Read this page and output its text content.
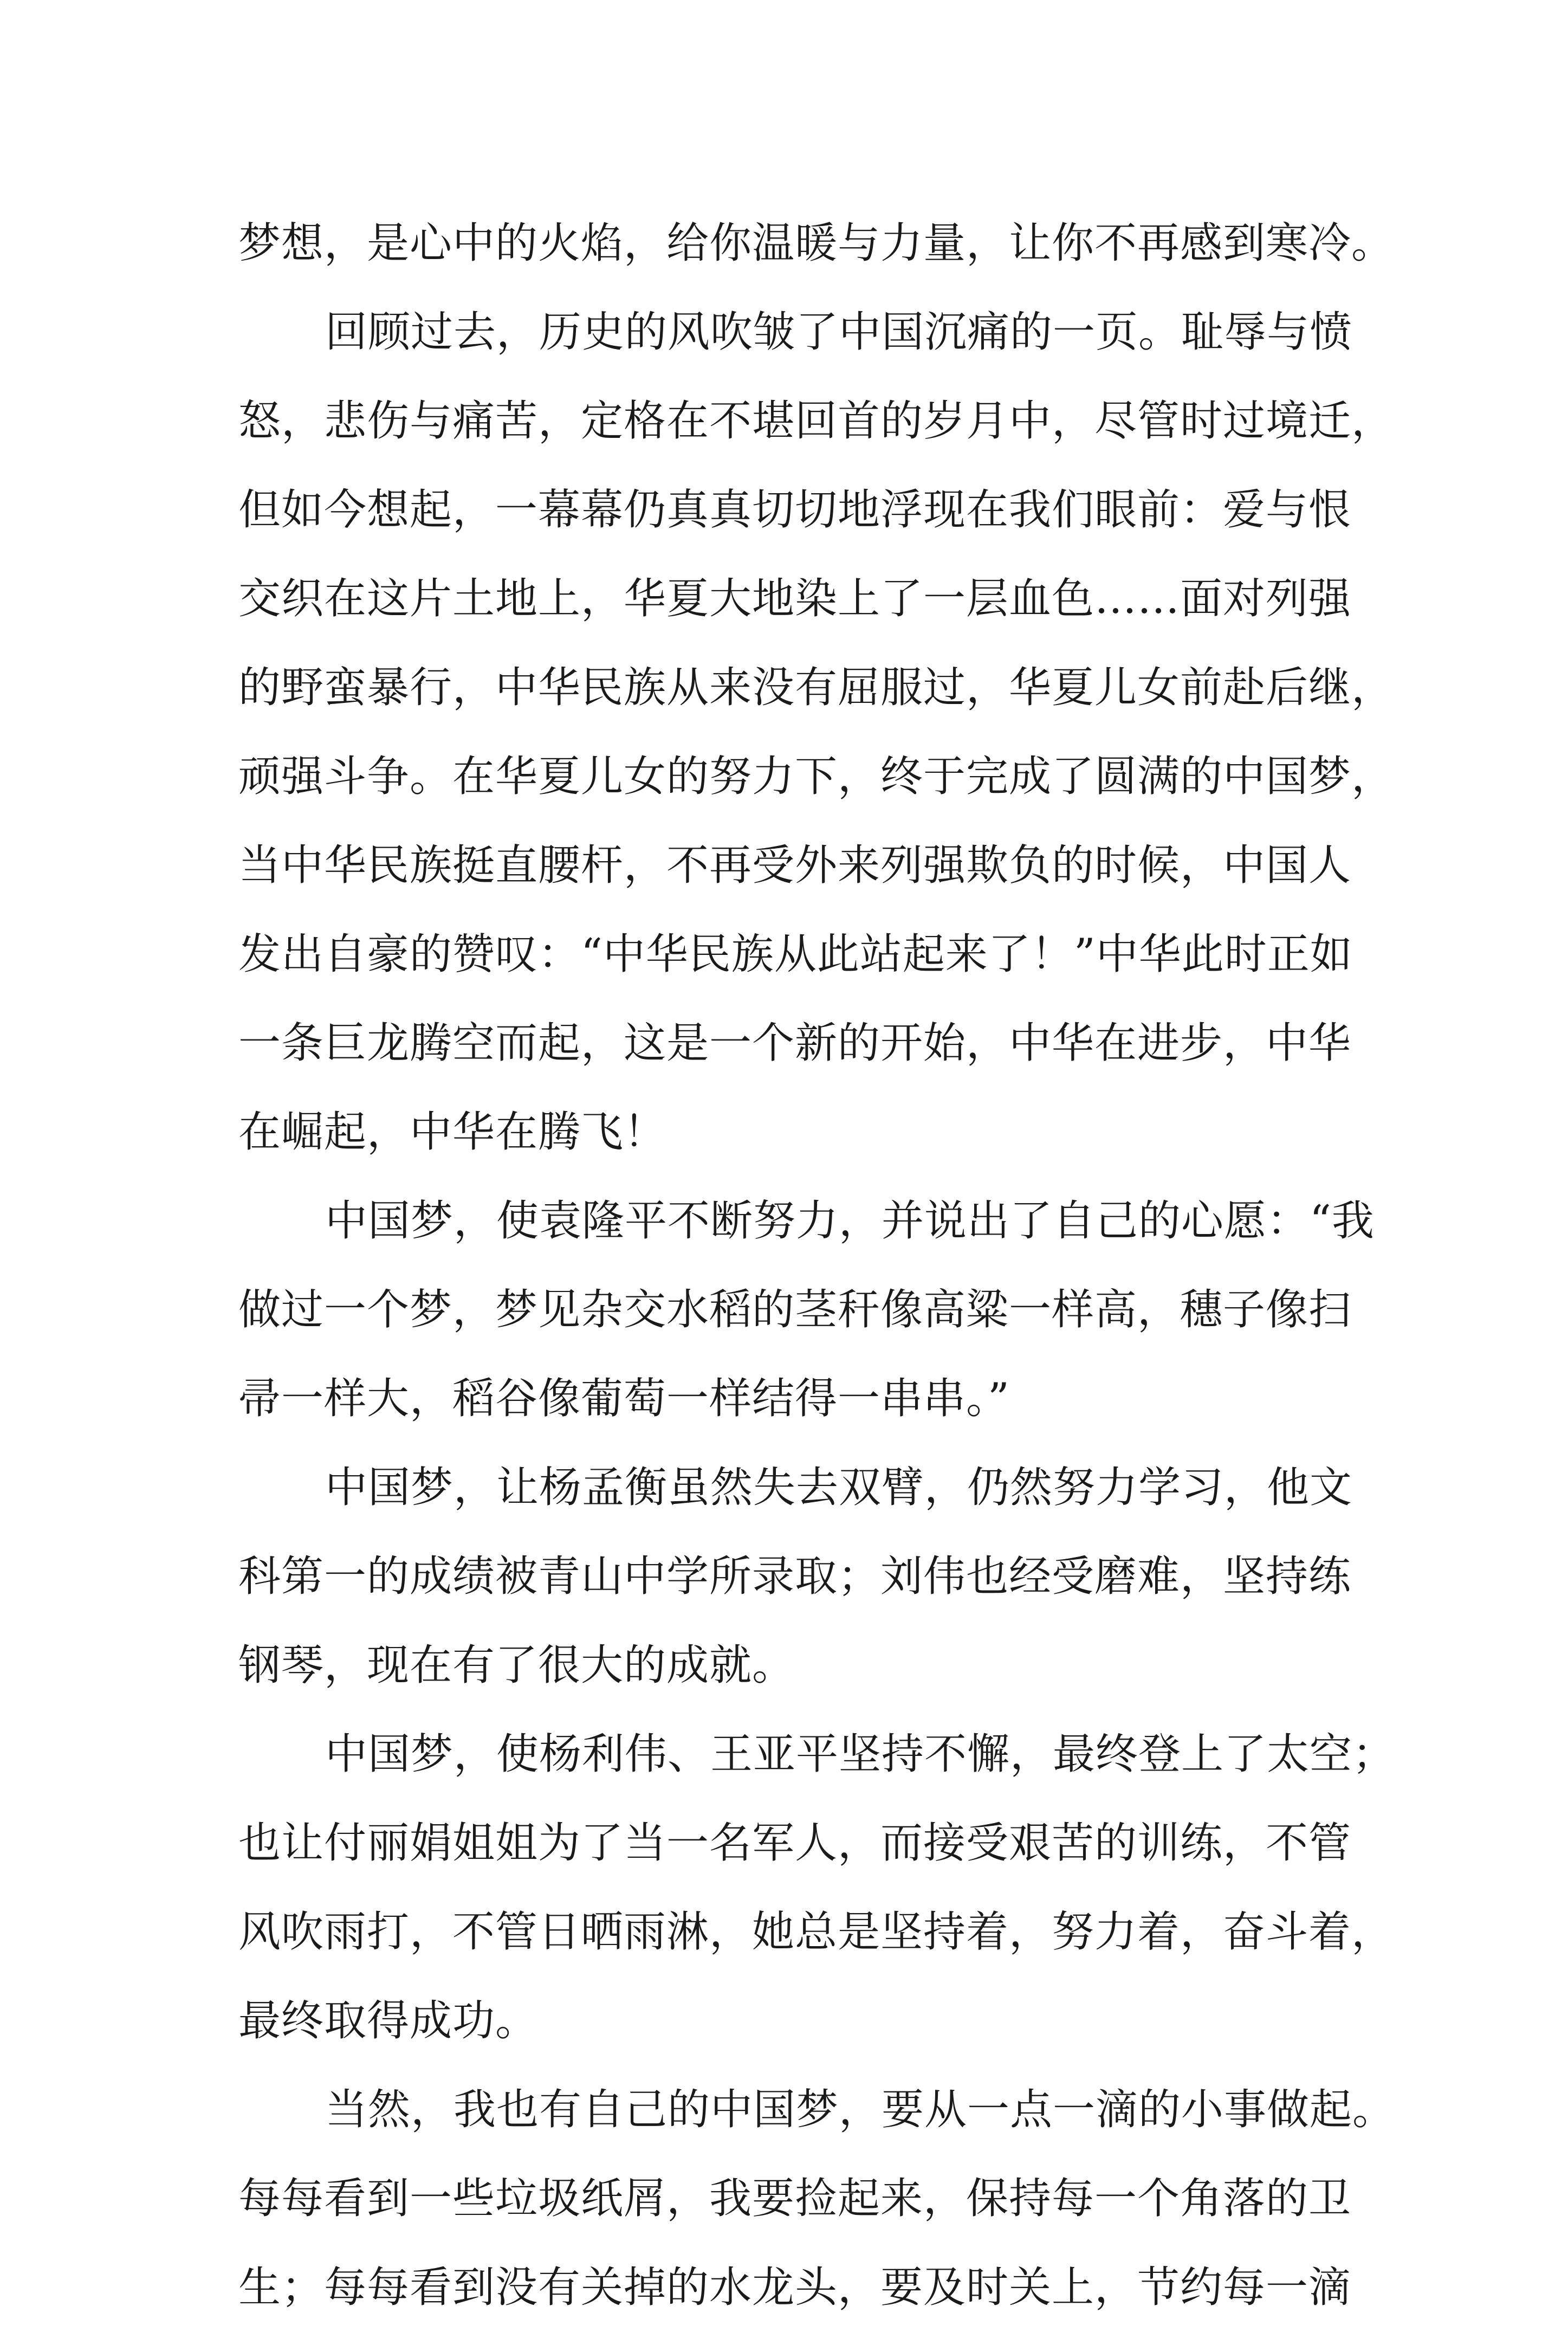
梦想，是心中的火焰，给你温暖与力量，让你不再感到寒冷。
回顾过去，历史的风吹皱了中国沉痛的一页。耻辱与愤
怒，悲伤与痛苦，定格在不堪回首的岁月中，尽管时过境迁，
但如今想起，一幕幕仍真真切切地浮现在我们眼前：爱与恨
交织在这片土地上，华夏大地染上了一层血色……面对列强
的野蛮暴行，中华民族从来没有屈服过，华夏儿女前赴后继，
顽强斗争。在华夏儿女的努力下，终于完成了圆满的中国梦，
当中华民族挺直腰杆，不再受外来列强欺负的时候，中国人
发出自豪的赞叹：“中华民族从此站起来了！”中华此时正如
一条巨龙腾空而起，这是一个新的开始，中华在进步，中华
在崛起，中华在腾飞！
中国梦，使袁隆平不断努力，并说出了自己的心愿：“我
做过一个梦，梦见杂交水稻的茎秆像高粱一样高，穗子像扫
帚一样大，稻谷像葡萄一样结得一串串。”
中国梦，让杨孟衡虽然失去双臂，仍然努力学习，他文
科第一的成绩被青山中学所录取；刘伟也经受磨难，坚持练
钢琴，现在有了很大的成就。
中国梦，使杨利伟、王亚平坚持不懈，最终登上了太空；
也让付丽娟姐姐为了当一名军人，而接受艰苦的训练，不管
风吹雨打，不管日晒雨淋，她总是坚持着，努力着，奋斗着，
最终取得成功。
当然，我也有自己的中国梦，要从一点一滴的小事做起。
每每看到一些垃圾纸屑，我要捡起来，保持每一个角落的卫
生；每每看到没有关掉的水龙头，要及时关上，节约每一滴
